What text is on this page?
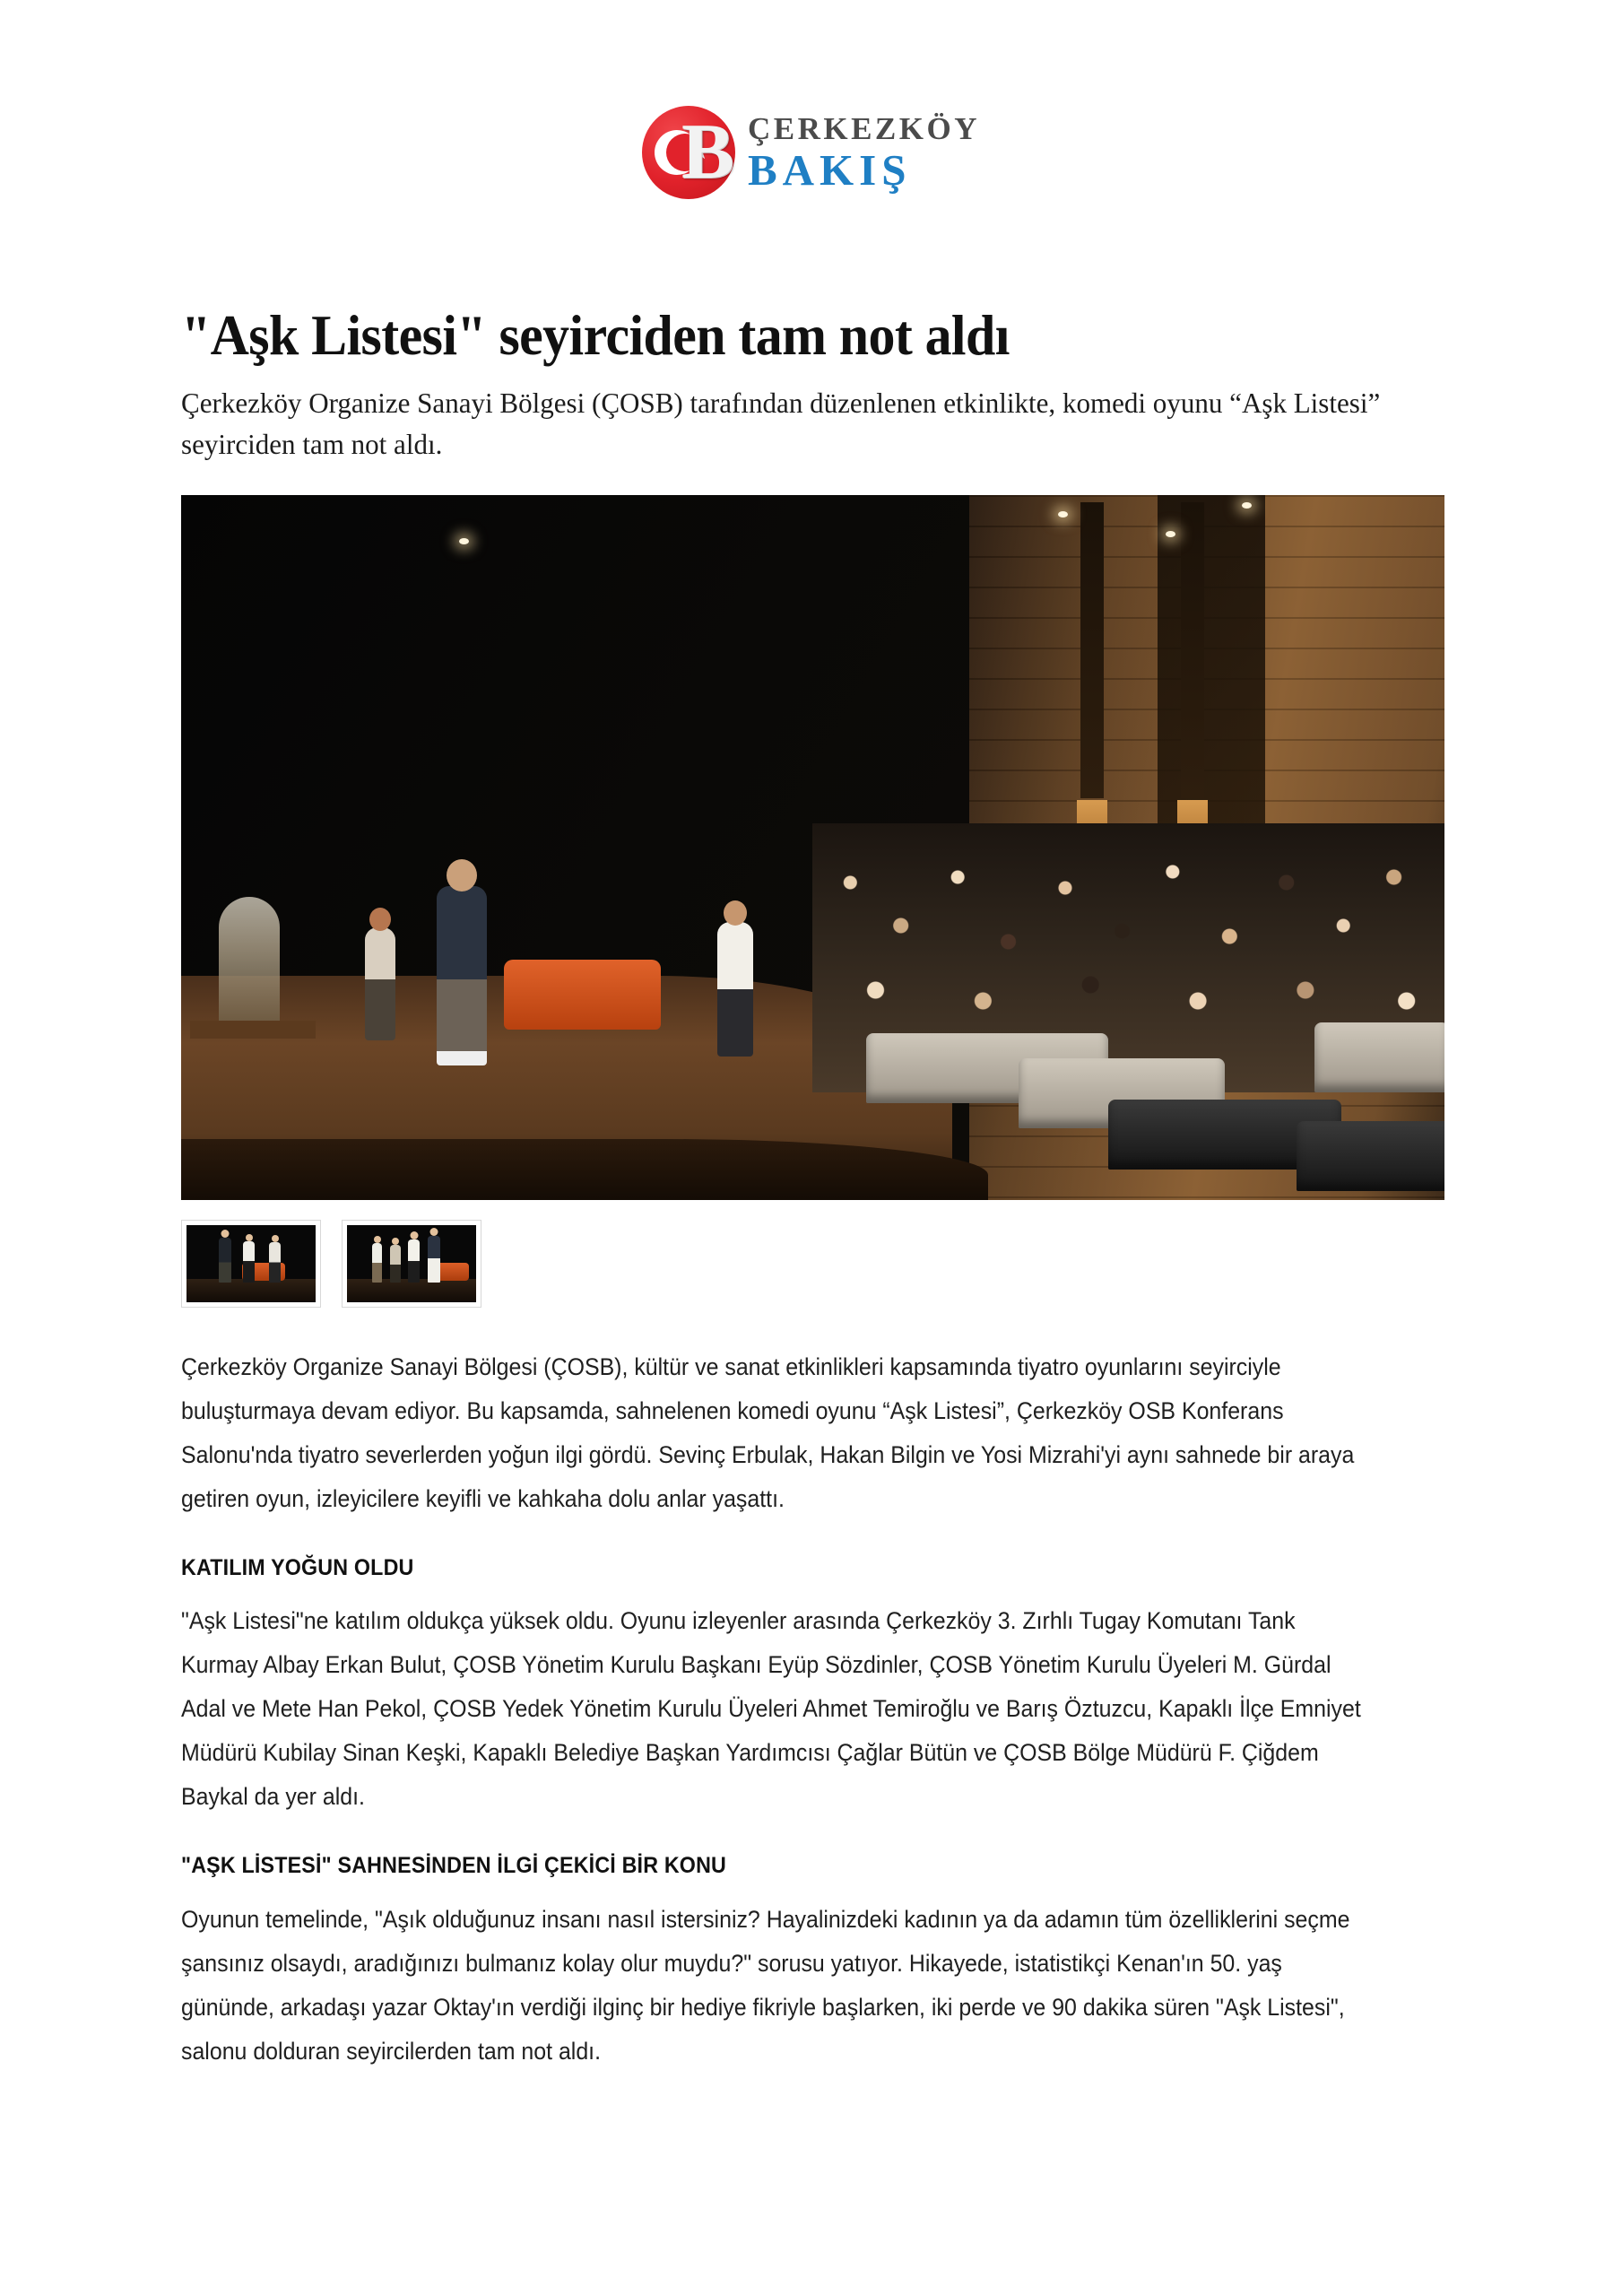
B ÇERKEZKÖY
BAKIŞ
"Aşk Listesi" seyirciden tam not aldı

Çerkezköy Organize Sanayi Bölgesi (ÇOSB) tarafından düzenlenen etkinlikte, komedi oyunu “Aşk Listesi” seyirciden tam not aldı.

Çerkezköy Organize Sanayi Bölgesi (ÇOSB), kültür ve sanat etkinlikleri kapsamında tiyatro oyunlarını seyirciyle buluşturmaya devam ediyor. Bu kapsamda, sahnelenen komedi oyunu “Aşk Listesi”, Çerkezköy OSB Konferans Salonu'nda tiyatro severlerden yoğun ilgi gördü. Sevinç Erbulak, Hakan Bilgin ve Yosi Mizrahi'yi aynı sahnede bir araya getiren oyun, izleyicilere keyifli ve kahkaha dolu anlar yaşattı.

KATILIM YOĞUN OLDU

"Aşk Listesi"ne katılım oldukça yüksek oldu. Oyunu izleyenler arasında Çerkezköy 3. Zırhlı Tugay Komutanı Tank Kurmay Albay Erkan Bulut, ÇOSB Yönetim Kurulu Başkanı Eyüp Sözdinler, ÇOSB Yönetim Kurulu Üyeleri M. Gürdal Adal ve Mete Han Pekol, ÇOSB Yedek Yönetim Kurulu Üyeleri Ahmet Temiroğlu ve Barış Öztuzcu, Kapaklı İlçe Emniyet Müdürü Kubilay Sinan Keşki, Kapaklı Belediye Başkan Yardımcısı Çağlar Bütün ve ÇOSB Bölge Müdürü F. Çiğdem Baykal da yer aldı.

"AŞK LİSTESİ" SAHNESİNDEN İLGİ ÇEKİCİ BİR KONU

Oyunun temelinde, "Aşık olduğunuz insanı nasıl istersiniz? Hayalinizdeki kadının ya da adamın tüm özelliklerini seçme şansınız olsaydı, aradığınızı bulmanız kolay olur muydu?" sorusu yatıyor. Hikayede, istatistikçi Kenan'ın 50. yaş gününde, arkadaşı yazar Oktay'ın verdiği ilginç bir hediye fikriyle başlarken, iki perde ve 90 dakika süren "Aşk Listesi", salonu dolduran seyircilerden tam not aldı.
